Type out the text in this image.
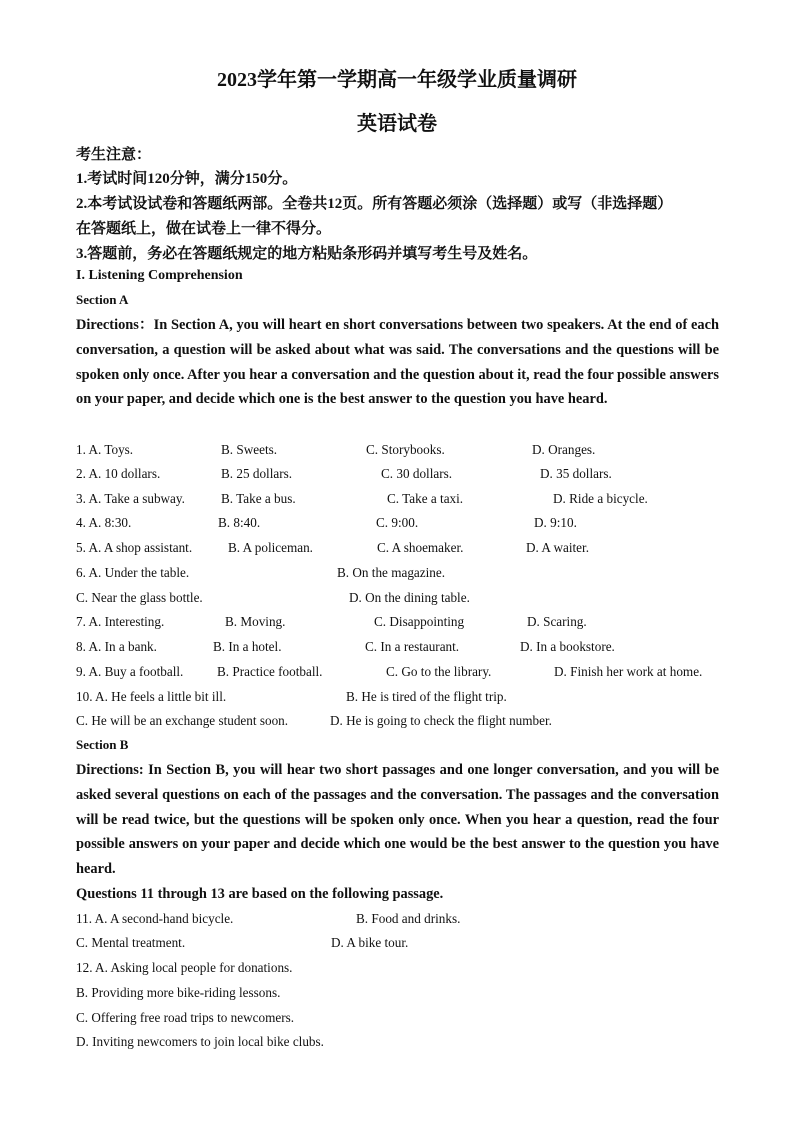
2023学年第一学期高一年级学业质量调研
英语试卷
考生注意：
1.考试时间120分钟，满分150分。
2.本考试设试卷和答题纸两部。全卷共12页。所有答题必须涂（选择题）或写（非选择题）
在答题纸上，做在试卷上一律不得分。
3.答题前，务必在答题纸规定的地方粘贴条形码并填写考生号及姓名。
I. Listening Comprehension
Section A
Directions：In Section A, you will heart en short conversations between two speakers. At the end of each conversation, a question will be asked about what was said. The conversations and the questions will be spoken only once. After you hear a conversation and the question about it, read the four possible answers on your paper, and decide which one is the best answer to the question you have heard.
1. A. Toys.	B. Sweets.	C. Storybooks.	D. Oranges.
2. A. 10 dollars.	B. 25 dollars.	C. 30 dollars.	D. 35 dollars.
3. A. Take a subway.	B. Take a bus.	C. Take a taxi.	D. Ride a bicycle.
4. A. 8:30.	B. 8:40.	C. 9:00.	D. 9:10.
5. A. A shop assistant.	B. A policeman.	C. A shoemaker.	D. A waiter.
6. A. Under the table.	B. On the magazine.
C. Near the glass bottle.	D. On the dining table.
7. A. Interesting.	B. Moving.	C. Disappointing	D. Scaring.
8. A. In a bank.	B. In a hotel.	C. In a restaurant.	D. In a bookstore.
9. A. Buy a football.	B. Practice football.	C. Go to the library.	D. Finish her work at home.
10. A. He feels a little bit ill.	B. He is tired of the flight trip.
C. He will be an exchange student soon.	D. He is going to check the flight number.
Section B
Directions: In Section B, you will hear two short passages and one longer conversation, and you will be asked several questions on each of the passages and the conversation. The passages and the conversation will be read twice, but the questions will be spoken only once. When you hear a question, read the four possible answers on your paper and decide which one would be the best answer to the question you have heard.
Questions 11 through 13 are based on the following passage.
11. A. A second-hand bicycle.	B. Food and drinks.
C. Mental treatment.	D. A bike tour.
12. A. Asking local people for donations.
B. Providing more bike-riding lessons.
C. Offering free road trips to newcomers.
D. Inviting newcomers to join local bike clubs.
